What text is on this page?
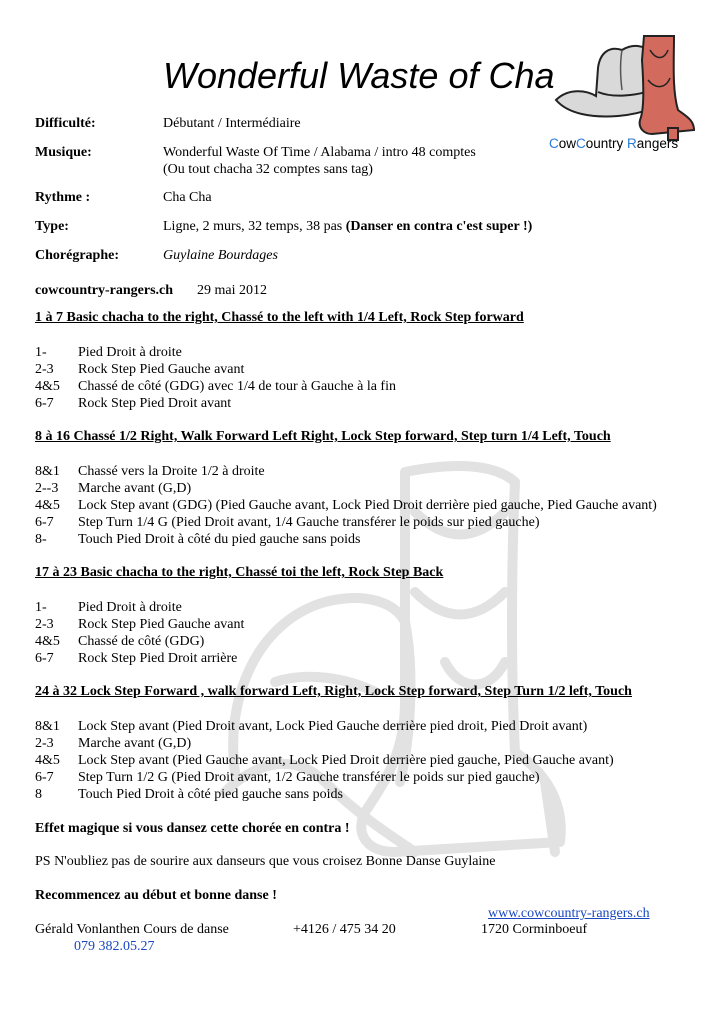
Wonderful Waste of Cha
CowCountry Rangers
Difficulté:	Débutant / Intermédiaire
Musique:	Wonderful Waste Of Time / Alabama / intro 48 comptes
(Ou tout chacha 32 comptes sans tag)
Rythme :	Cha Cha
Type:	Ligne, 2 murs, 32 temps, 38 pas (Danser en contra c'est super !)
Chorégraphe:	Guylaine Bourdages
cowcountry-rangers.ch 29 mai 2012
1 à 7 Basic chacha to the right, Chassé to the left with 1/4 Left, Rock Step forward
1- Pied Droit à droite
2-3 Rock Step Pied Gauche avant
4&5 Chassé de côté (GDG) avec 1/4 de tour à Gauche à la fin
6-7 Rock Step Pied Droit avant
8 à 16 Chassé 1/2 Right, Walk Forward Left Right, Lock Step forward, Step turn 1/4 Left, Touch
8&1 Chassé vers la Droite 1/2 à droite
2--3 Marche avant (G,D)
4&5 Lock Step avant (GDG) (Pied Gauche avant, Lock Pied Droit derrière pied gauche, Pied Gauche avant)
6-7 Step Turn 1/4 G (Pied Droit avant, 1/4 Gauche transférer le poids sur pied gauche)
8- Touch Pied Droit à côté du pied gauche sans poids
17 à 23 Basic chacha to the right, Chassé toi the left, Rock Step Back
1- Pied Droit à droite
2-3 Rock Step Pied Gauche avant
4&5 Chassé de côté (GDG)
6-7 Rock Step Pied Droit arrière
24 à 32 Lock Step Forward , walk forward Left, Right, Lock Step forward, Step Turn 1/2 left, Touch
8&1 Lock Step avant (Pied Droit avant, Lock Pied Gauche derrière pied droit, Pied Droit avant)
2-3 Marche avant (G,D)
4&5 Lock Step avant (Pied Gauche avant, Lock Pied Droit derrière pied gauche, Pied Gauche avant)
6-7 Step Turn 1/2 G (Pied Droit avant, 1/2 Gauche transférer le poids sur pied gauche)
8	Touch Pied Droit à côté pied gauche sans poids
Effet magique si vous dansez cette chorée en contra !
PS N'oubliez pas de sourire aux danseurs que vous croisez Bonne Danse Guylaine
Recommencez au début et bonne danse !
www.cowcountry-rangers.ch
Gérald Vonlanthen Cours de danse	+4126 / 475 34 20	1720 Corminboeuf
079 382.05.27
